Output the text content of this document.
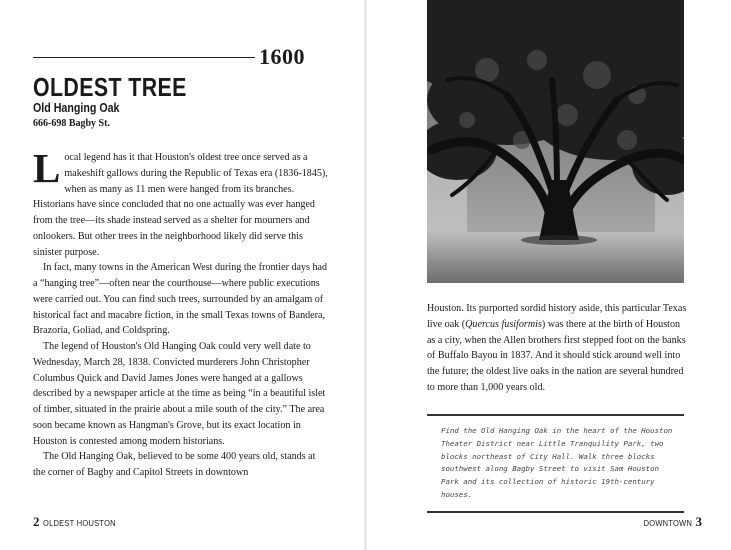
1600
OLDEST TREE
Old Hanging Oak
666-698 Bagby St.

Local legend has it that Houston's oldest tree once served as a makeshift gallows during the Republic of Texas era (1836-1845), when as many as 11 men were hanged from its branches. Historians have since concluded that no one actually was ever hanged from the tree—its shade instead served as a shelter for mourners and onlookers. But other trees in the neighborhood likely did serve this sinister purpose.

In fact, many towns in the American West during the frontier days had a “hanging tree”—often near the courthouse—where public executions were carried out. You can find such trees, surrounded by an amalgam of historical fact and macabre fiction, in the small Texas towns of Bandera, Brazoria, Goliad, and Coldspring.

The legend of Houston's Old Hanging Oak could very well date to Wednesday, March 28, 1838. Convicted murderers John Christopher Columbus Quick and David James Jones were hanged at a gallows described by a newspaper article at the time as being “in a beautiful islet of timber, situated in the prairie about a mile south of the city.” The area soon became known as Hangman's Grove, but its exact location in Houston is contested among modern historians.

The Old Hanging Oak, believed to be some 400 years old, stands at the corner of Bagby and Capitol Streets in downtown

2 OLDEST HOUSTON

Houston. Its purported sordid history aside, this particular Texas live oak (Quercus fusiformis) was there at the birth of Houston as a city, when the Allen brothers first stepped foot on the banks of Buffalo Bayou in 1837. And it should stick around well into the future; the oldest live oaks in the nation are several hundred to more than 1,000 years old.

Find the Old Hanging Oak in the heart of the Houston Theater District near Little Tranquility Park, two blocks northeast of City Hall. Walk three blocks southwest along Bagby Street to visit Sam Houston Park and its collection of historic 19th-century houses.

DOWNTOWN 3
